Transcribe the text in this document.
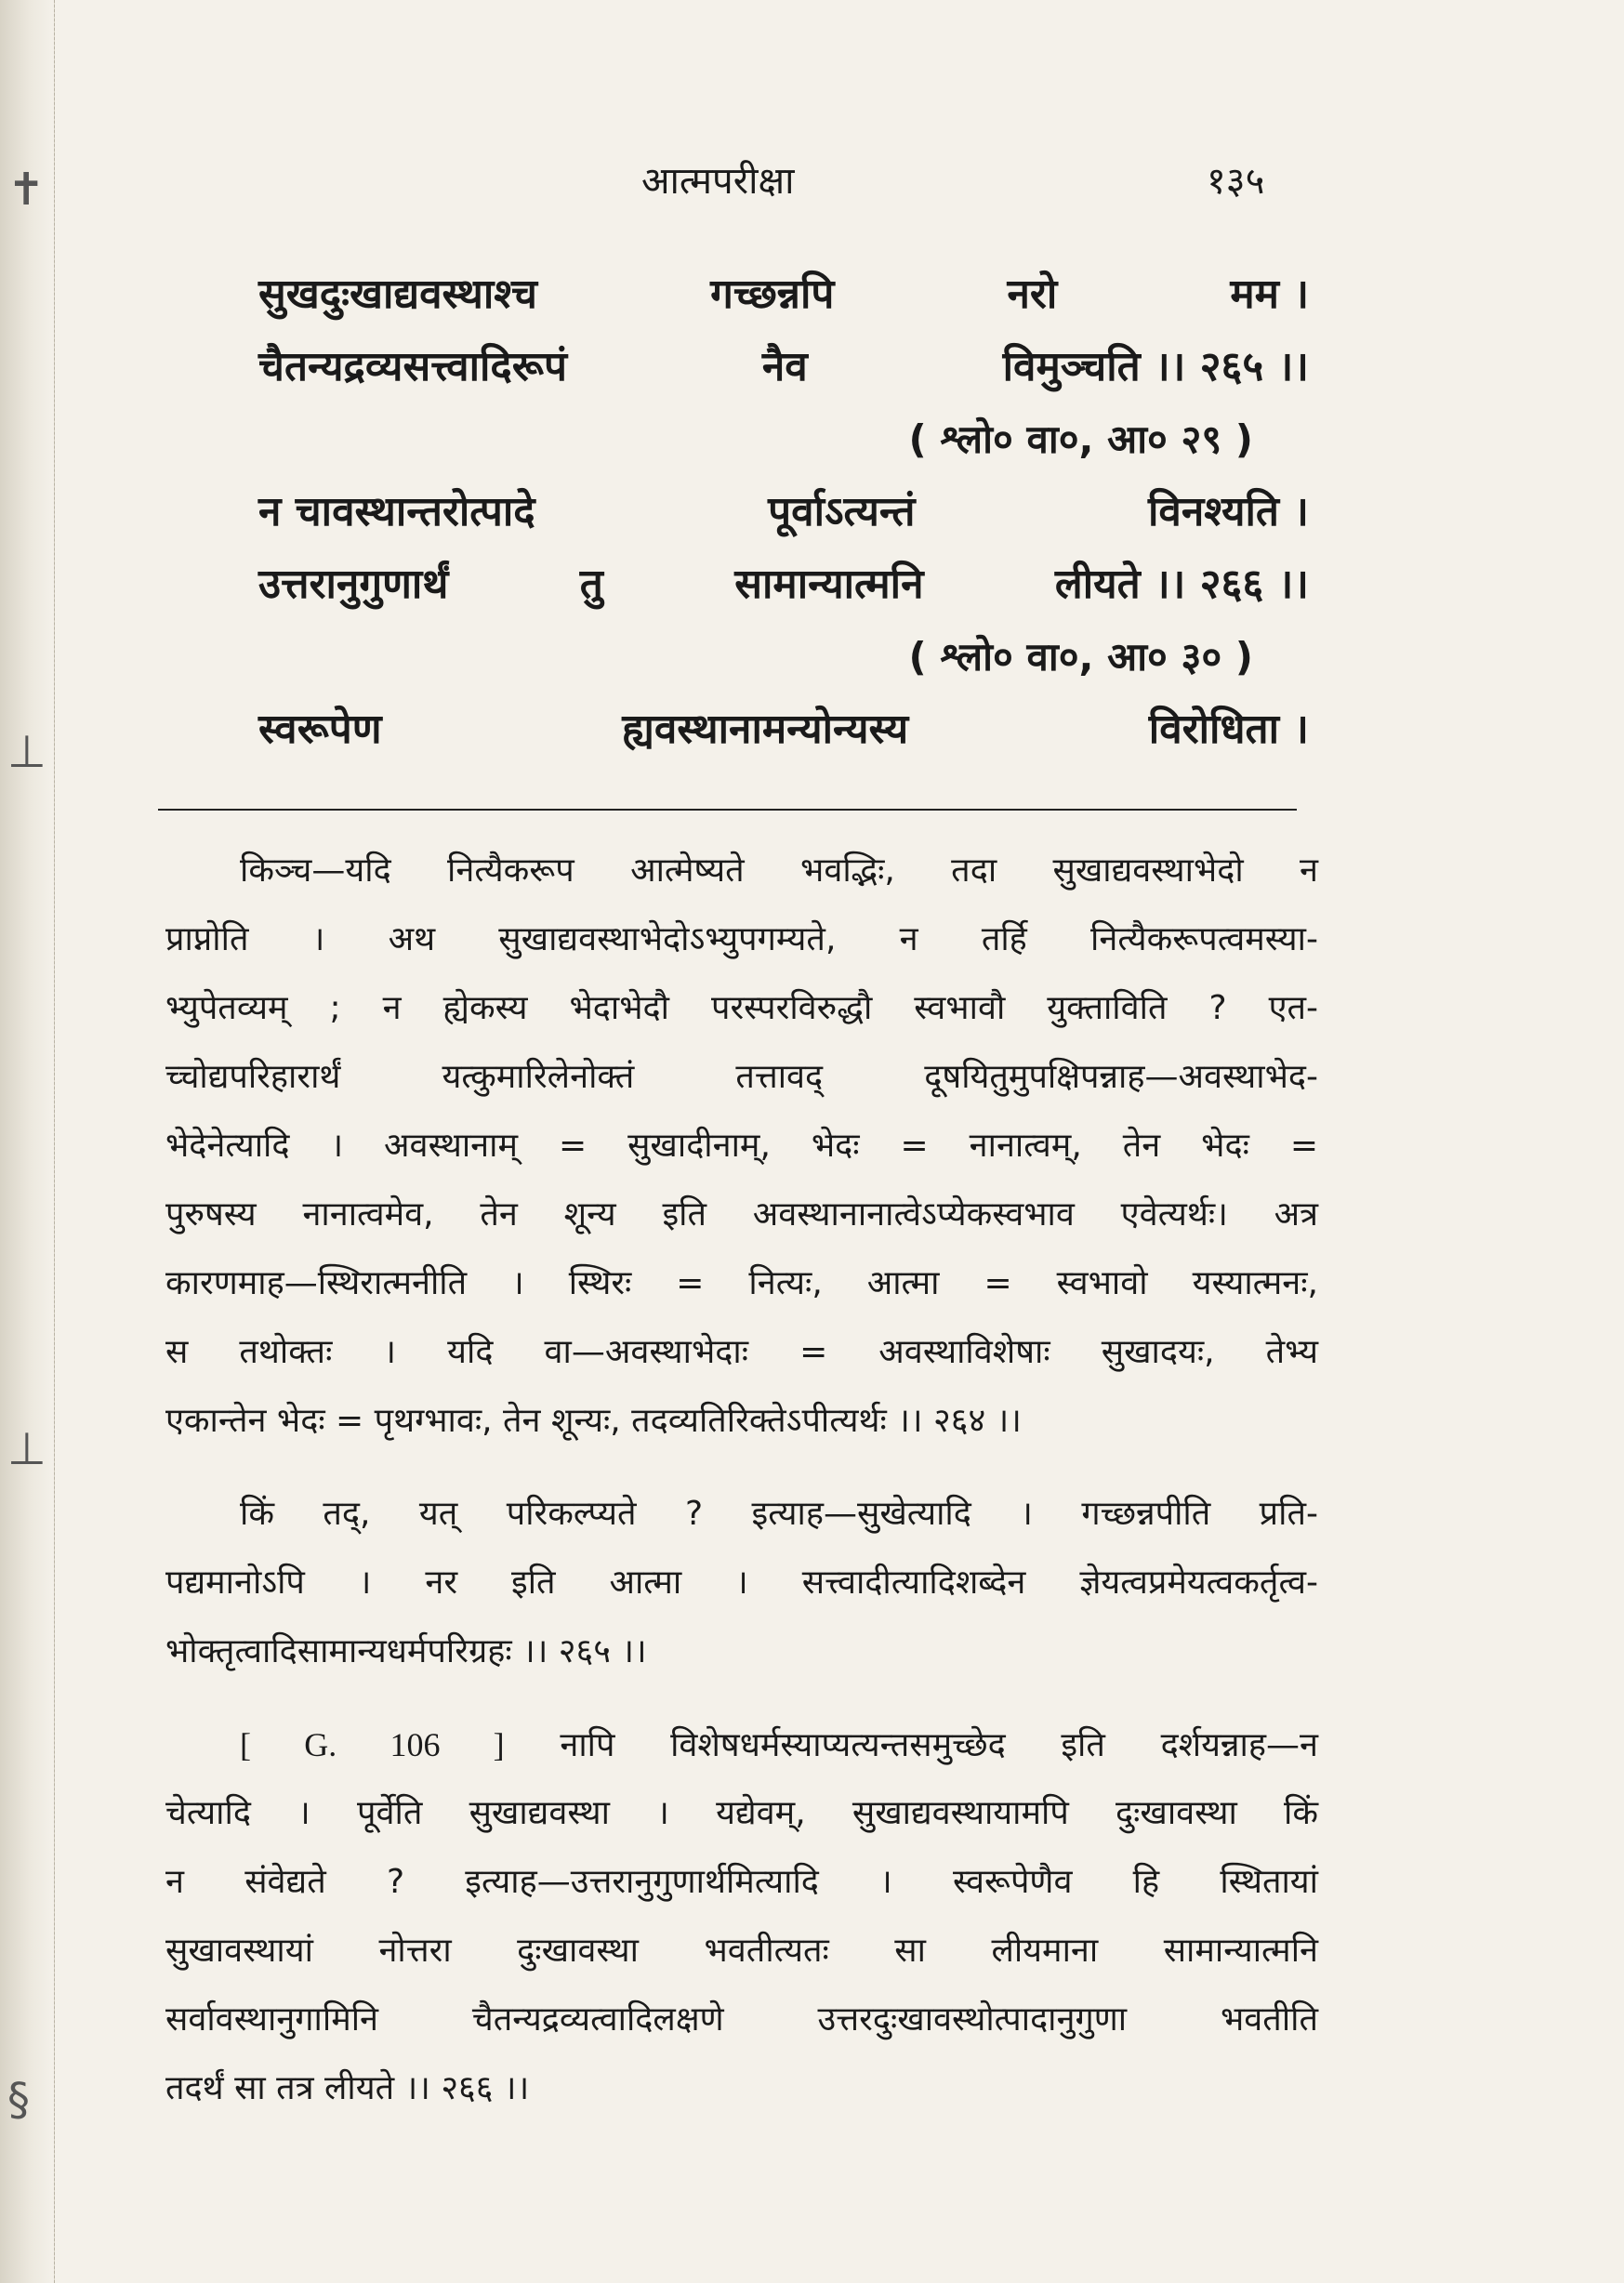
✝
⊥
⊥
§
आत्मपरीक्षा	१३५
सुखदुःखाद्यवस्थाश्च	गच्छन्नपि	नरो	मम ।
चैतन्यद्रव्यसत्त्वादिरूपं	नैव	विमुञ्चति ।। २६५ ।।
( श्लो० वा०, आ० २९ )
न चावस्थान्तरोत्पादे	पूर्वाऽत्यन्तं	विनश्यति ।
उत्तरानुगुणार्थं	तु	सामान्यात्मनि	लीयते ।। २६६ ।।
( श्लो० वा०, आ० ३० )
स्वरूपेण	ह्यवस्थानामन्योन्यस्य	विरोधिता ।
किञ्च—यदि नित्यैकरूप आत्मेष्यते भवद्भिः, तदा सुखाद्यवस्थाभेदो न
प्राप्नोति । अथ सुखाद्यवस्थाभेदोऽभ्युपगम्यते, न तर्हि नित्यैकरूपत्वमस्या-
भ्युपेतव्यम् ; न ह्येकस्य भेदाभेदौ परस्परविरुद्धौ स्वभावौ युक्ताविति ? एत-
च्चोद्यपरिहारार्थं यत्कुमारिलेनोक्तं तत्तावद् दूषयितुमुपक्षिपन्नाह—अवस्थाभेद-
भेदेनेत्यादि । अवस्थानाम् = सुखादीनाम्, भेदः = नानात्वम्, तेन भेदः =
पुरुषस्य नानात्वमेव, तेन शून्य इति अवस्थानानात्वेऽप्येकस्वभाव एवेत्यर्थः। अत्र
कारणमाह—स्थिरात्मनीति । स्थिरः = नित्यः, आत्मा = स्वभावो यस्यात्मनः,
स तथोक्तः । यदि वा—अवस्थाभेदाः = अवस्थाविशेषाः सुखादयः, तेभ्य
एकान्तेन भेदः = पृथग्भावः, तेन शून्यः, तदव्यतिरिक्तेऽपीत्यर्थः ।। २६४ ।।
किं तद्, यत् परिकल्प्यते ? इत्याह—सुखेत्यादि । गच्छन्नपीति प्रति-
पद्यमानोऽपि । नर इति आत्मा । सत्त्वादीत्यादिशब्देन ज्ञेयत्वप्रमेयत्वकर्तृत्व-
भोक्तृत्वादिसामान्यधर्मपरिग्रहः ।। २६५ ।।
[ G. 106 ] नापि विशेषधर्मस्याप्यत्यन्तसमुच्छेद इति दर्शयन्नाह—न
चेत्यादि । पूर्वेति सुखाद्यवस्था । यद्येवम्, सुखाद्यवस्थायामपि दुःखावस्था किं
न संवेद्यते ? इत्याह—उत्तरानुगुणार्थमित्यादि । स्वरूपेणैव हि स्थितायां
सुखावस्थायां नोत्तरा दुःखावस्था भवतीत्यतः सा लीयमाना सामान्यात्मनि
सर्वावस्थानुगामिनि चैतन्यद्रव्यत्वादिलक्षणे उत्तरदुःखावस्थोत्पादानुगुणा भवतीति
तदर्थं सा तत्र लीयते ।। २६६ ।।
